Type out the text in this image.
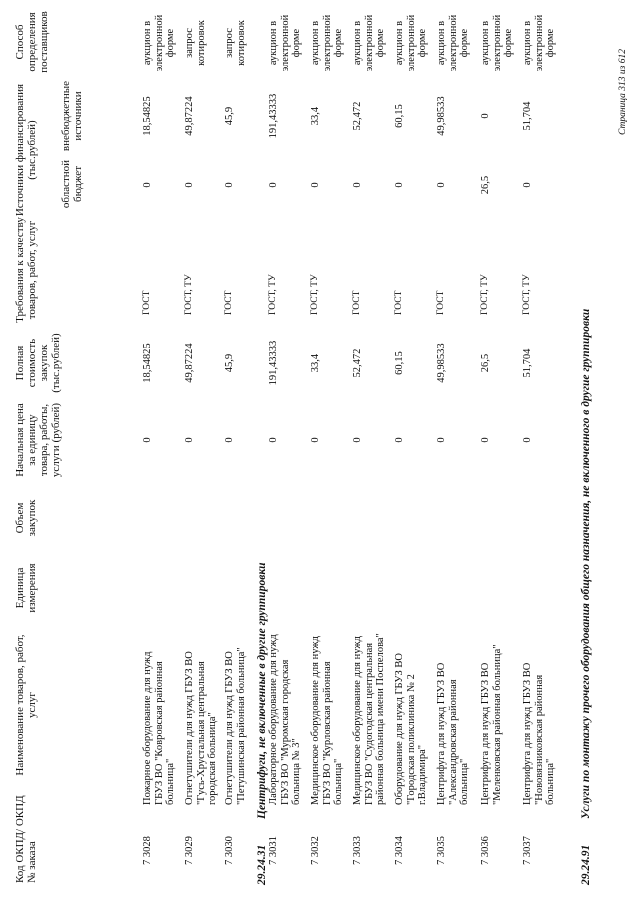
Код ОКПД/ ОКПД № заказа
Наименование товаров, работ, услуг
Единица измерения
Объем закупок
Начальная цена за единицу товара, работы, услуги (рублей)
Полная стоимость закупок (тыс.рублей)
Требования к качеству товаров, работ, услуг
Источники финансирования (тыс.рублей)
областной бюджет
внебюджетные источники
Способ определения поставщиков
7 3028
Пожарное оборудование для нужд ГБУЗ ВО "Ковровская районная больница"
0
18,54825
ГОСТ
0
18,54825
аукцион в электронной форме
7 3029
Огнетушители для нужд ГБУЗ ВО "Гусь-Хрустальная центральная городская больница"
0
49,87224
ГОСТ, ТУ
0
49,87224
запрос котировок
7 3030
Огнетушители для нужд ГБУЗ ВО "Петушинская районная больница"
0
45,9
ГОСТ
0
45,9
запрос котировок
29.24.31
Центрифуги, не включенные в другие группировки
7 3031
Лабораторное оборудование для нужд ГБУЗ ВО "Муромская городская больница № 3"
0
191,43333
ГОСТ, ТУ
0
191,43333
аукцион в электронной форме
7 3032
Медицинское оборудование для нужд ГБУЗ ВО "Курловская районная больница"
0
33,4
ГОСТ, ТУ
0
33,4
аукцион в электронной форме
7 3033
Медицинское оборудование для нужд ГБУЗ ВО "Судогодская центральная районная больница имени Поспелова"
0
52,472
ГОСТ
0
52,472
аукцион в электронной форме
7 3034
Оборудование для нужд ГБУЗ ВО "Городская поликлиника № 2 г.Владимира"
0
60,15
ГОСТ
0
60,15
аукцион в электронной форме
7 3035
Центрифуга для нужд ГБУЗ ВО "Александровская районная больница"
0
49,98533
ГОСТ
0
49,98533
аукцион в электронной форме
7 3036
Центрифуга для нужд ГБУЗ ВО "Меленковская районная больница"
0
26,5
ГОСТ, ТУ
26,5
0
аукцион в электронной форме
7 3037
Центрифуга для нужд ГБУЗ ВО "Нововязниковская районная больница"
0
51,704
ГОСТ, ТУ
0
51,704
аукцион в электронной форме
29.24.91
Услуги по монтажу прочего оборудования общего назначения, не включенного в другие группировки
Страница 313 из 612
